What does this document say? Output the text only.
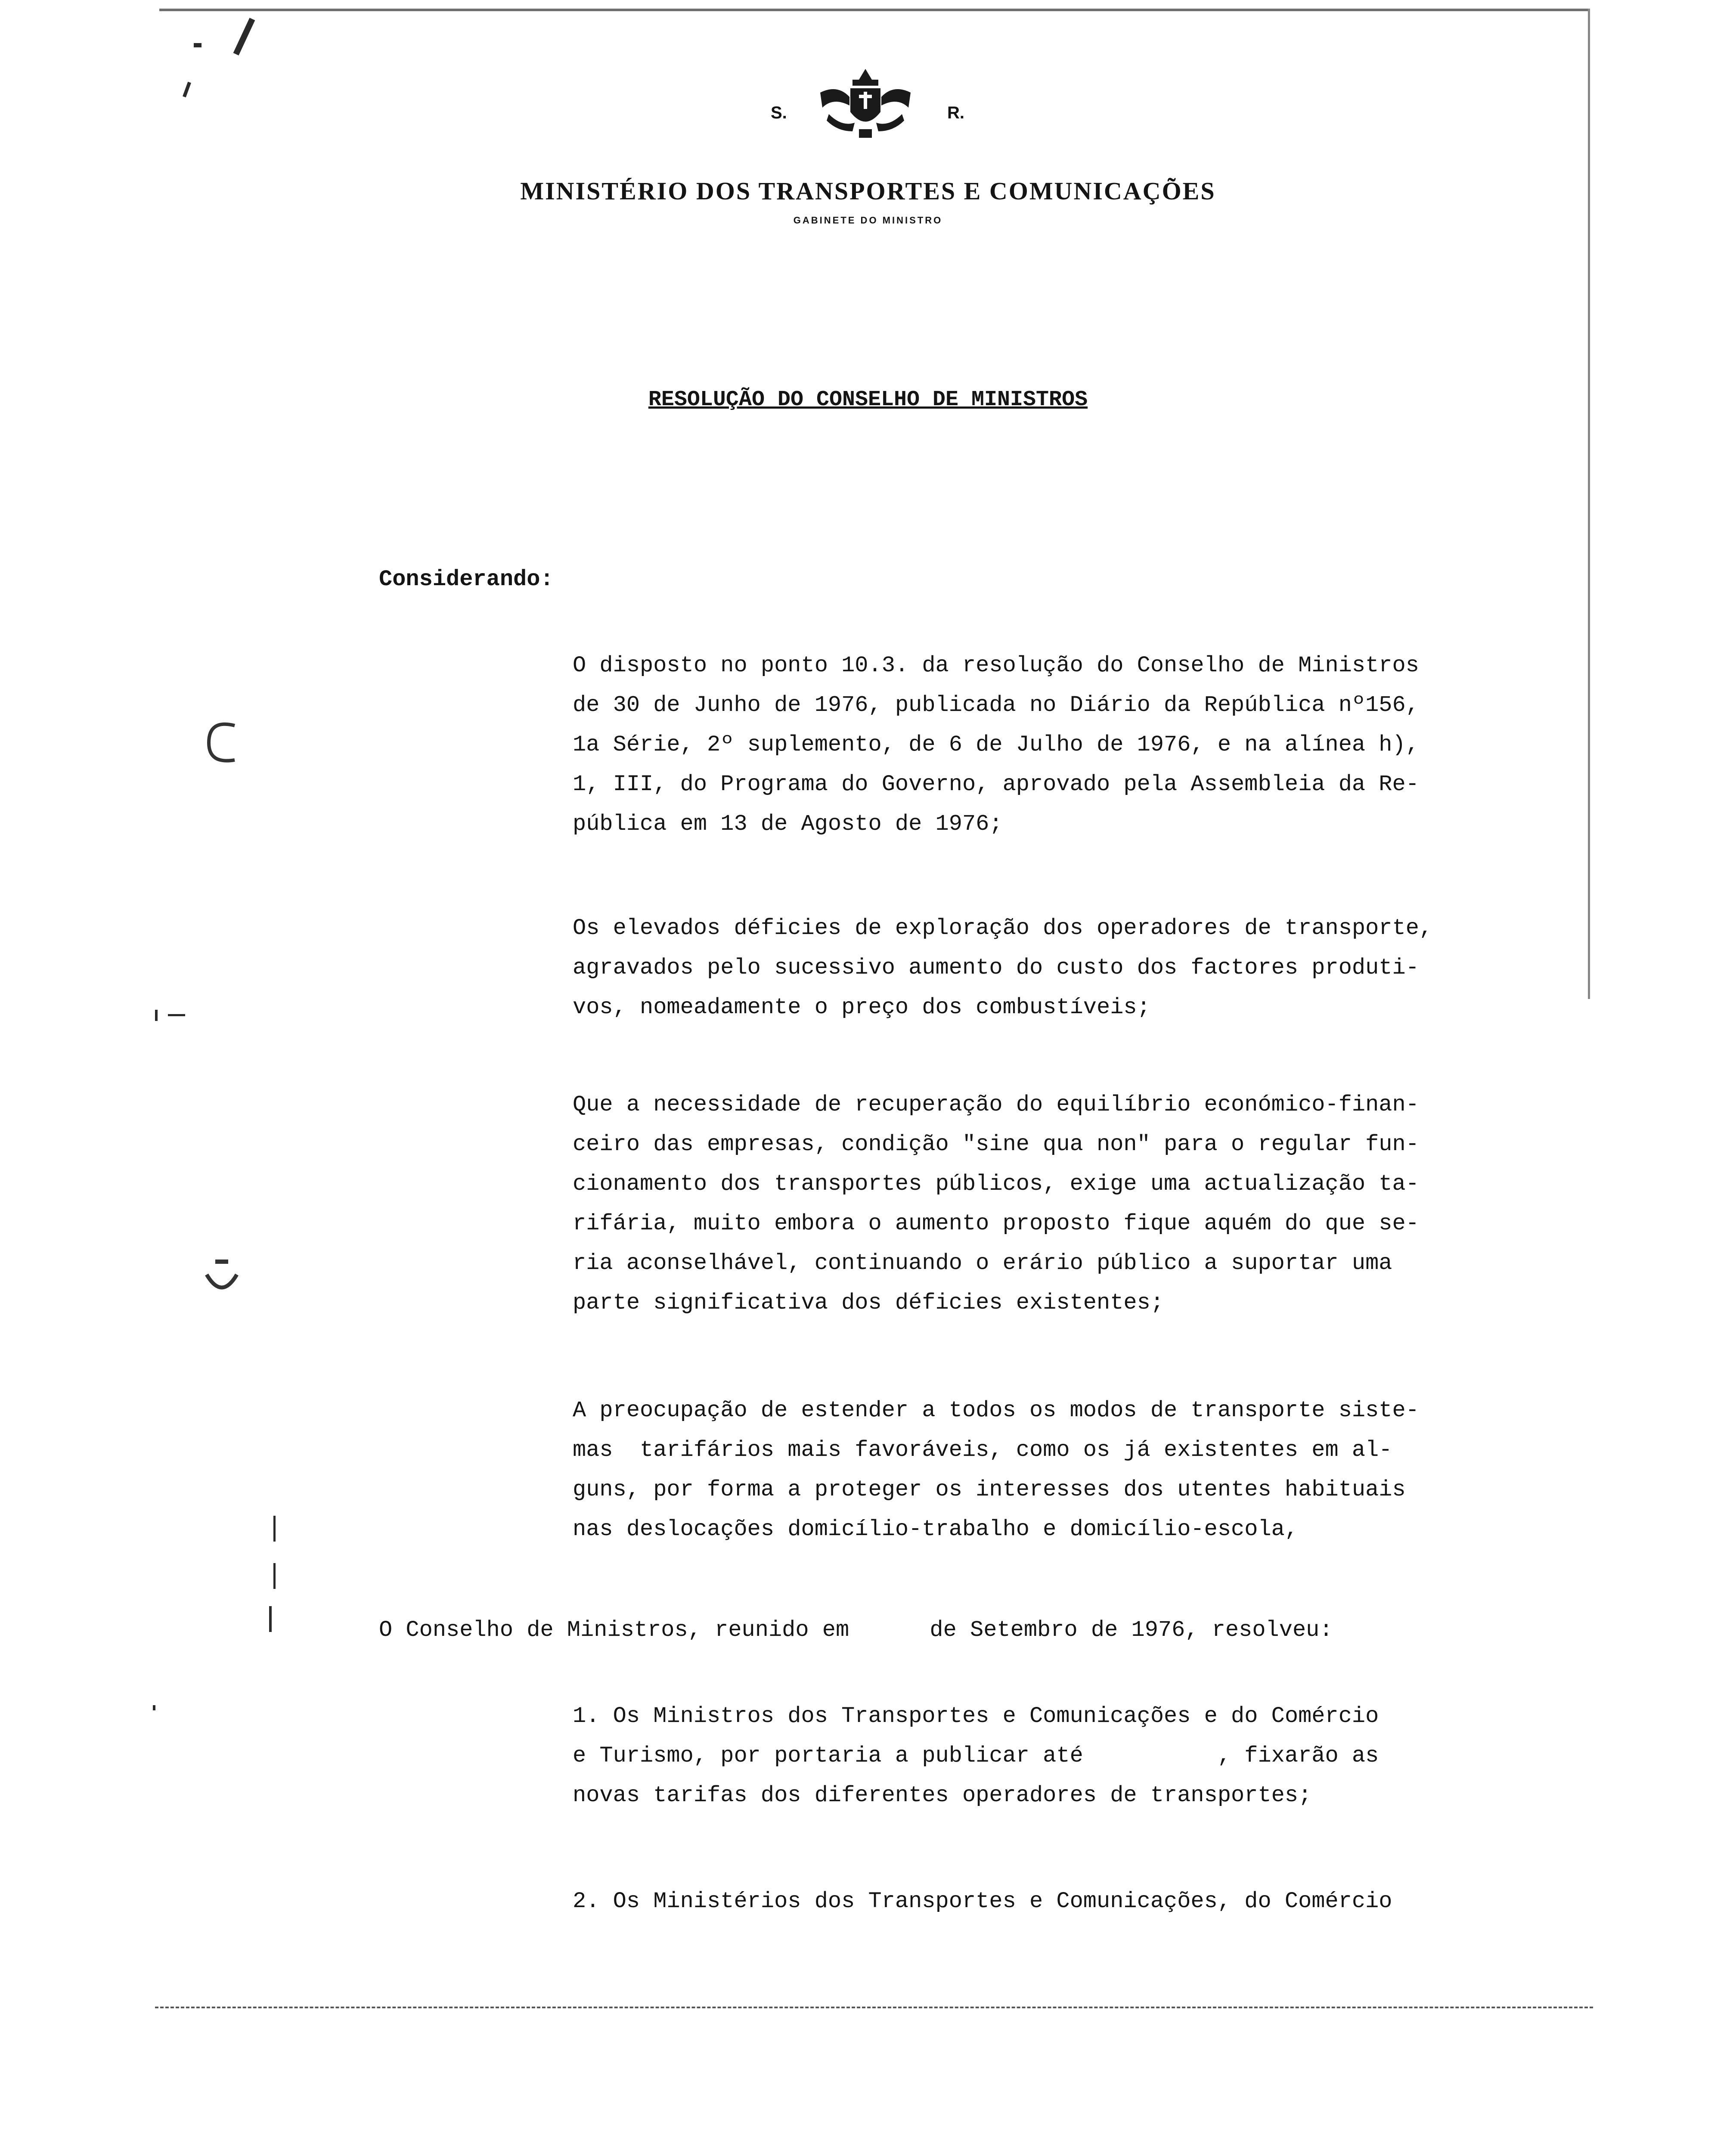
S.	R.
MINISTÉRIO DOS TRANSPORTES E COMUNICAÇÕES
GABINETE DO MINISTRO
RESOLUÇÃO DO CONSELHO DE MINISTROS
Considerando:
O disposto no ponto 10.3. da resolução do Conselho de Ministros
de 30 de Junho de 1976, publicada no Diário da República nº156,
1a Série, 2º suplemento, de 6 de Julho de 1976, e na alínea h),
1, III, do Programa do Governo, aprovado pela Assembleia da Re-
pública em 13 de Agosto de 1976;
Os elevados déficies de exploração dos operadores de transporte,
agravados pelo sucessivo aumento do custo dos factores produti-
vos, nomeadamente o preço dos combustíveis;
Que a necessidade de recuperação do equilíbrio económico-finan-
ceiro das empresas, condição "sine qua non" para o regular fun-
cionamento dos transportes públicos, exige uma actualização ta-
rifária, muito embora o aumento proposto fique aquém do que se-
ria aconselhável, continuando o erário público a suportar uma
parte significativa dos déficies existentes;
A preocupação de estender a todos os modos de transporte siste-
mas  tarifários mais favoráveis, como os já existentes em al-
guns, por forma a proteger os interesses dos utentes habituais
nas deslocações domicílio-trabalho e domicílio-escola,
O Conselho de Ministros, reunido em      de Setembro de 1976, resolveu:
1. Os Ministros dos Transportes e Comunicações e do Comércio
e Turismo, por portaria a publicar até          , fixarão as
novas tarifas dos diferentes operadores de transportes;
2. Os Ministérios dos Transportes e Comunicações, do Comércio
